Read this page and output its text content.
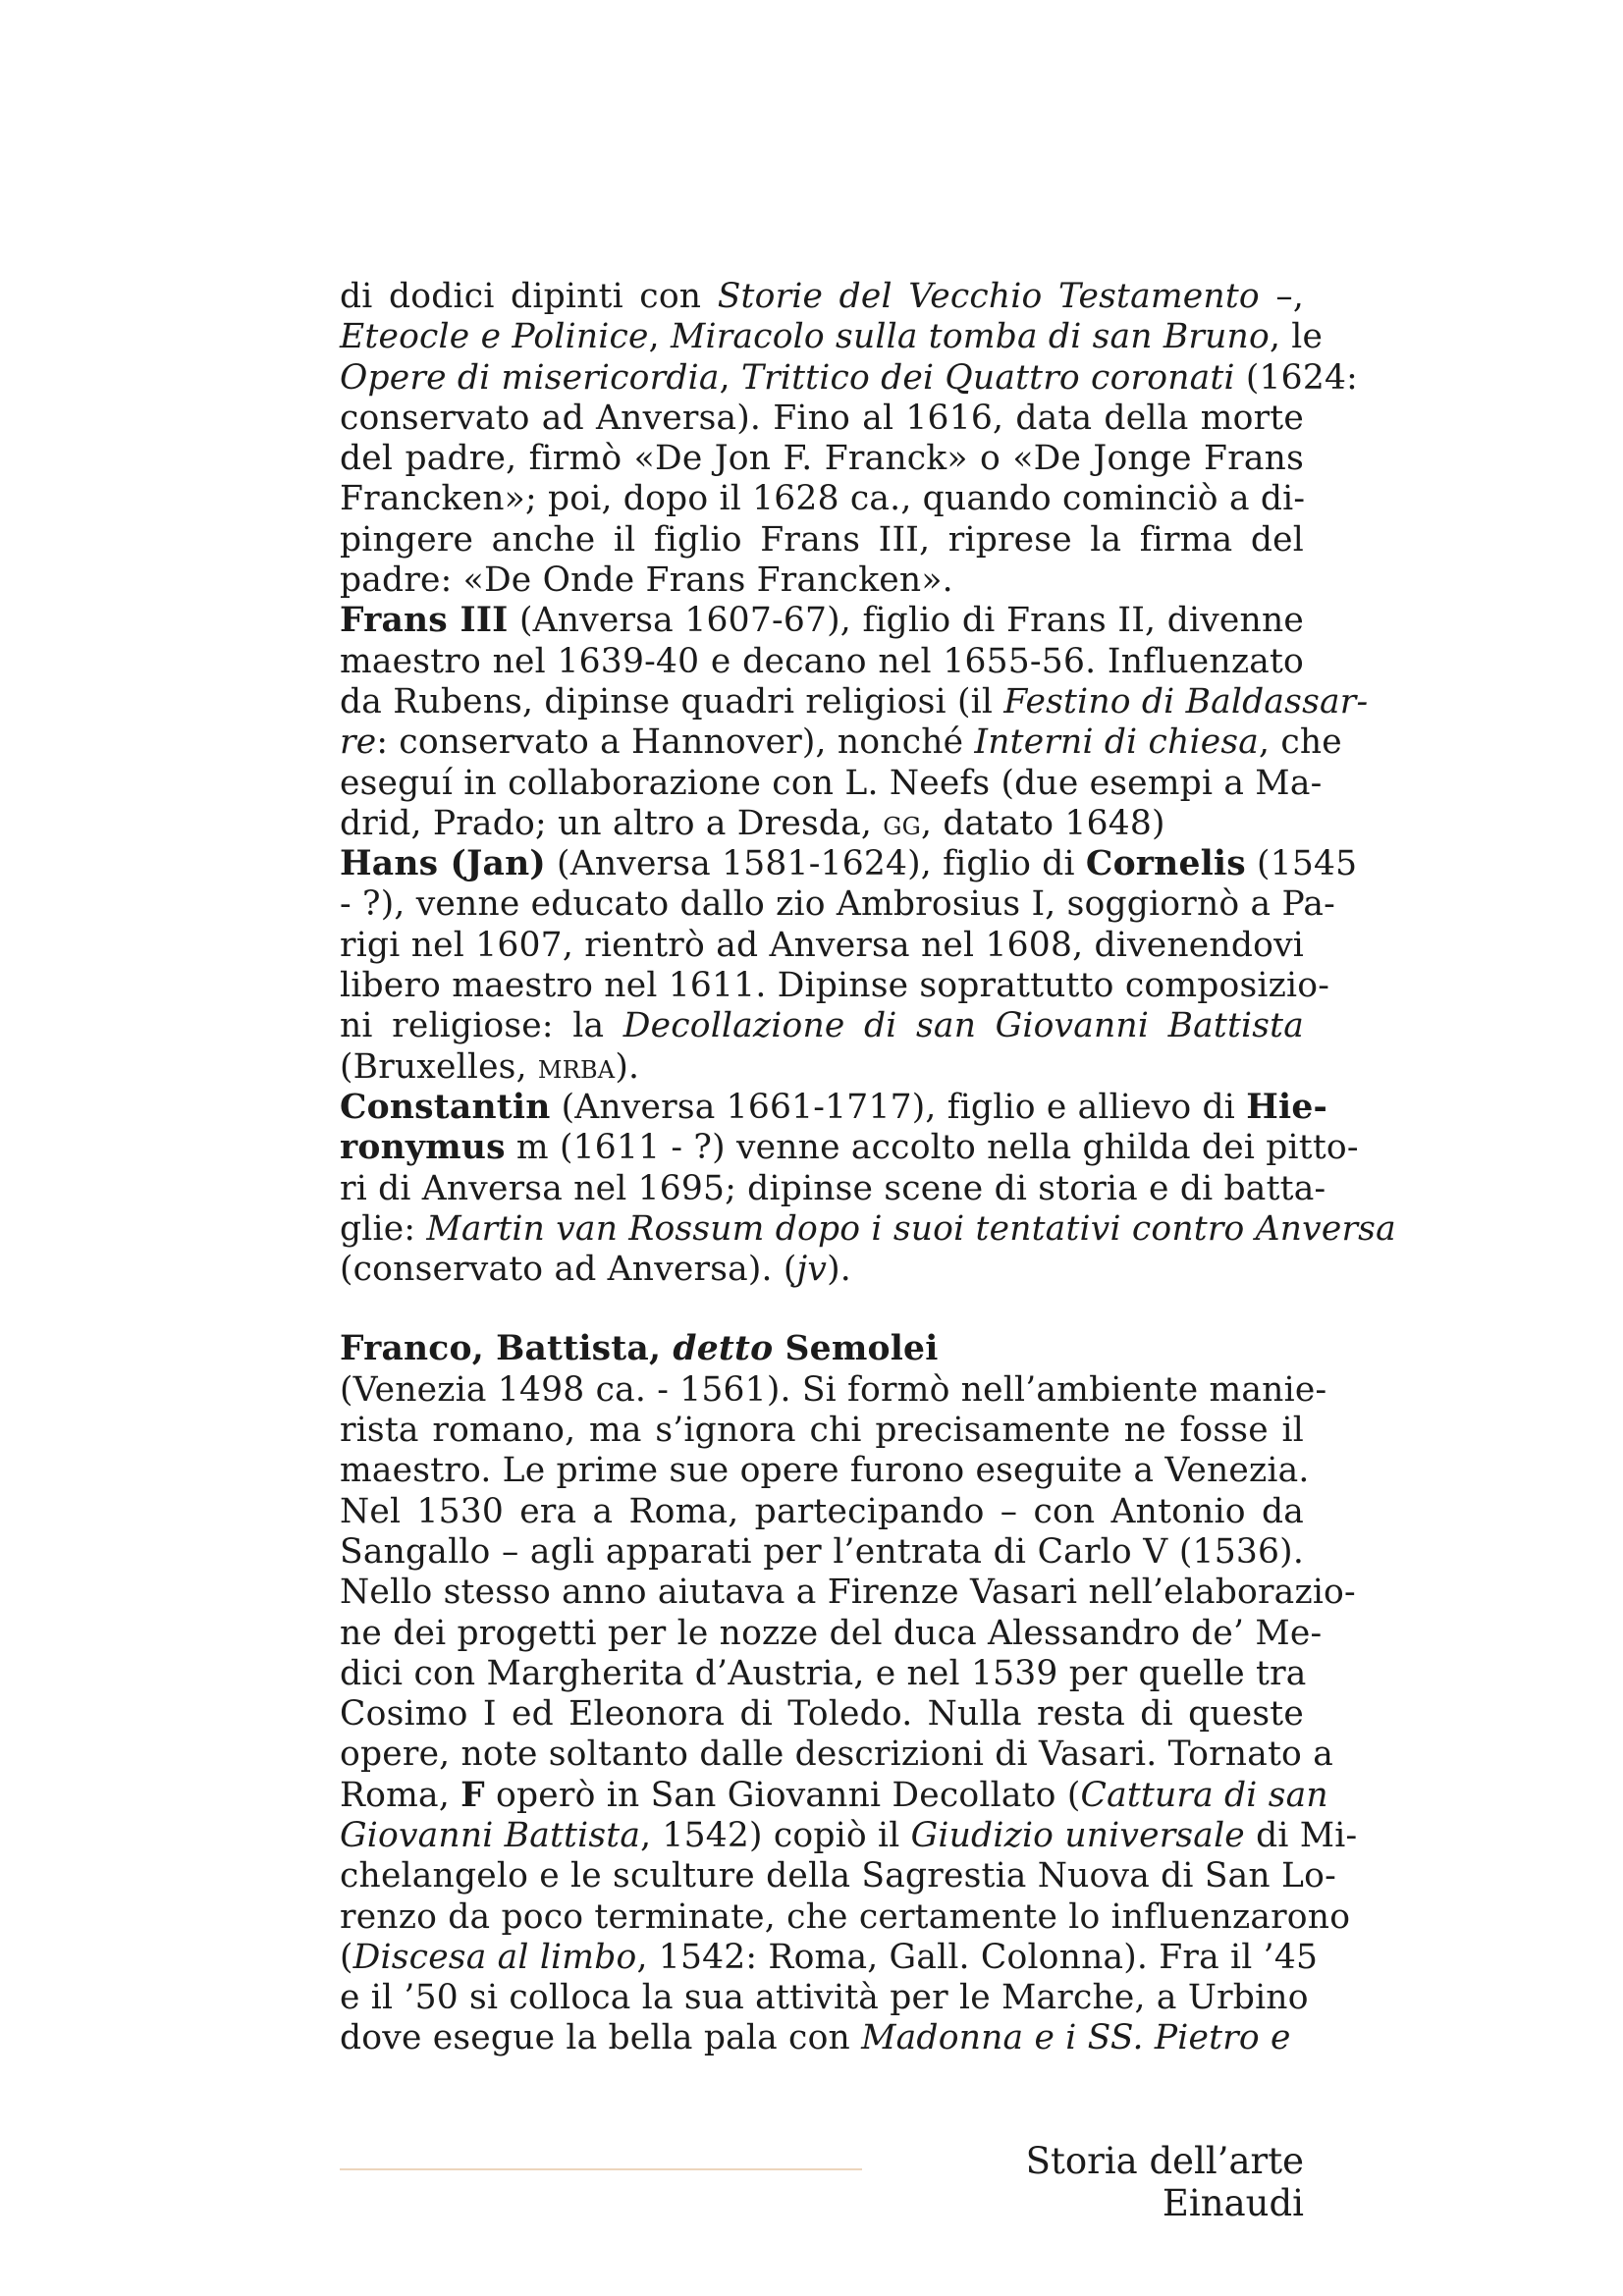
di dodici dipinti con Storie del Vecchio Testamento –,
Eteocle e Polinice, Miracolo sulla tomba di san Bruno, le
Opere di misericordia, Trittico dei Quattro coronati (1624:
conservato ad Anversa). Fino al 1616, data della morte
del padre, firmò «De Jon F. Franck» o «De Jonge Frans
Francken»; poi, dopo il 1628 ca., quando cominciò a di-
pingere anche il figlio Frans III, riprese la firma del
padre: «De Onde Frans Francken».
Frans III (Anversa 1607-67), figlio di Frans II, divenne
maestro nel 1639-40 e decano nel 1655-56. Influenzato
da Rubens, dipinse quadri religiosi (il Festino di Baldassar-
re: conservato a Hannover), nonché Interni di chiesa, che
eseguí in collaborazione con L. Neefs (due esempi a Ma-
drid, Prado; un altro a Dresda, gg, datato 1648)
Hans (Jan) (Anversa 1581-1624), figlio di Cornelis (1545
- ?), venne educato dallo zio Ambrosius I, soggiornò a Pa-
rigi nel 1607, rientrò ad Anversa nel 1608, divenendovi
libero maestro nel 1611. Dipinse soprattutto composizio-
ni religiose: la Decollazione di san Giovanni Battista
(Bruxelles, mrba).
Constantin (Anversa 1661-1717), figlio e allievo di Hie-
ronymus m (1611 - ?) venne accolto nella ghilda dei pitto-
ri di Anversa nel 1695; dipinse scene di storia e di batta-
glie: Martin van Rossum dopo i suoi tentativi contro Anversa
(conservato ad Anversa). (jv).
Franco, Battista, detto Semolei
(Venezia 1498 ca. - 1561). Si formò nell’ambiente manie-
rista romano, ma s’ignora chi precisamente ne fosse il
maestro. Le prime sue opere furono eseguite a Venezia.
Nel 1530 era a Roma, partecipando – con Antonio da
Sangallo – agli apparati per l’entrata di Carlo V (1536).
Nello stesso anno aiutava a Firenze Vasari nell’elaborazio-
ne dei progetti per le nozze del duca Alessandro de’ Me-
dici con Margherita d’Austria, e nel 1539 per quelle tra
Cosimo I ed Eleonora di Toledo. Nulla resta di queste
opere, note soltanto dalle descrizioni di Vasari. Tornato a
Roma, F operò in San Giovanni Decollato (Cattura di san
Giovanni Battista, 1542) copiò il Giudizio universale di Mi-
chelangelo e le sculture della Sagrestia Nuova di San Lo-
renzo da poco terminate, che certamente lo influenzarono
(Discesa al limbo, 1542: Roma, Gall. Colonna). Fra il ’45
e il ’50 si colloca la sua attività per le Marche, a Urbino
dove esegue la bella pala con Madonna e i SS. Pietro e
Storia dell’arte Einaudi
